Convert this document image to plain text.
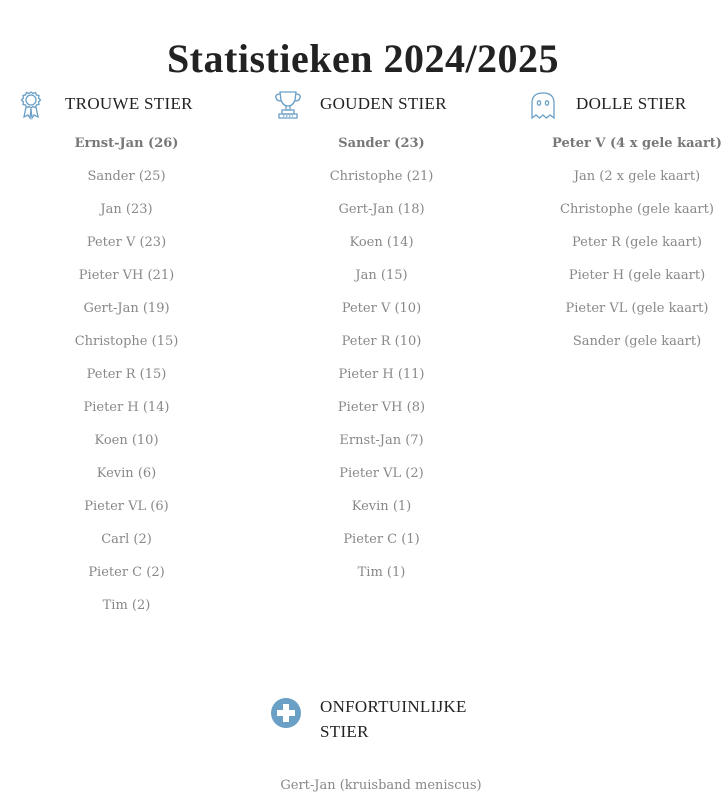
Statistieken 2024/2025
TROUWE STIER
Ernst-Jan (26)
Sander (25)
Jan (23)
Peter V (23)
Pieter VH (21)
Gert-Jan (19)
Christophe (15)
Peter R (15)
Pieter H (14)
Koen (10)
Kevin (6)
Pieter VL (6)
Carl (2)
Pieter C (2)
Tim (2)
GOUDEN STIER
Sander (23)
Christophe (21)
Gert-Jan (18)
Koen (14)
Jan (15)
Peter V (10)
Peter R (10)
Pieter H (11)
Pieter VH (8)
Ernst-Jan (7)
Pieter VL (2)
Kevin (1)
Pieter C (1)
Tim (1)
DOLLE STIER
Peter V (4 x gele kaart)
Jan (2 x gele kaart)
Christophe (gele kaart)
Peter R (gele kaart)
Pieter H (gele kaart)
Pieter VL (gele kaart)
Sander (gele kaart)
ONFORTUINLIJKE STIER
Gert-Jan (kruisband meniscus)
